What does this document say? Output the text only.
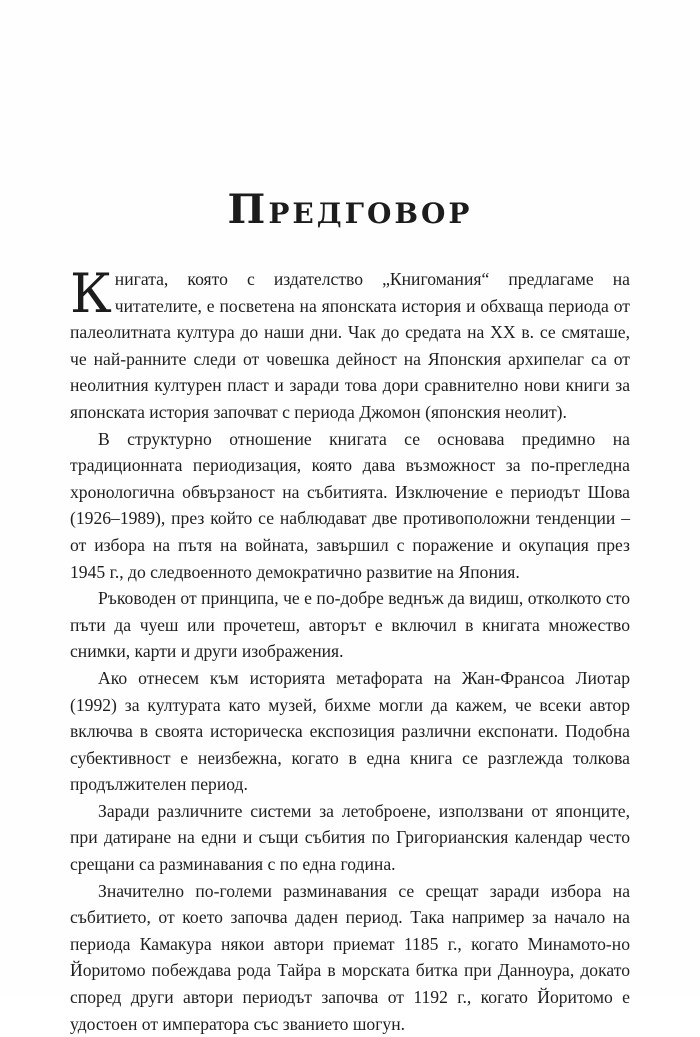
Предговор

Книгата, която с издателство „Книгомания“ предлагаме на читателите, е посветена на японската история и обхваща периода от палеолитната култура до наши дни. Чак до средата на ХХ в. се смяташе, че най-ранните следи от човешка дейност на Японския архипелаг са от неолитния културен пласт и заради това дори сравнително нови книги за японската история започват с периода Джомон (японския неолит).

В структурно отношение книгата се основава предимно на традиционната периодизация, която дава възможност за по-прегледна хронологична обвързаност на събитията. Изключение е периодът Шова (1926–1989), през който се наблюдават две противоположни тенденции – от избора на пътя на войната, завършил с поражение и окупация през 1945 г., до следвоенното демократично развитие на Япония.

Ръководен от принципа, че е по-добре веднъж да видиш, отколкото сто пъти да чуеш или прочетеш, авторът е включил в книгата множество снимки, карти и други изображения.

Ако отнесем към историята метафората на Жан-Франсоа Лиотар (1992) за културата като музей, бихме могли да кажем, че всеки автор включва в своята историческа експозиция различни експонати. Подобна субективност е неизбежна, когато в една книга се разглежда толкова продължителен период.

Заради различните системи за летоброене, използвани от японците, при датиране на едни и същи събития по Григорианския календар често срещани са разминавания с по една година.

Значително по-големи разминавания се срещат заради избора на събитието, от което започва даден период. Така например за начало на периода Камакура някои автори приемат 1185 г., когато Минамото-но Йоритомо побеждава рода Тайра в морската битка при Данноура, докато според други автори периодът започва от 1192 г., когато Йоритомо е удостоен от императора със званието шогун.
